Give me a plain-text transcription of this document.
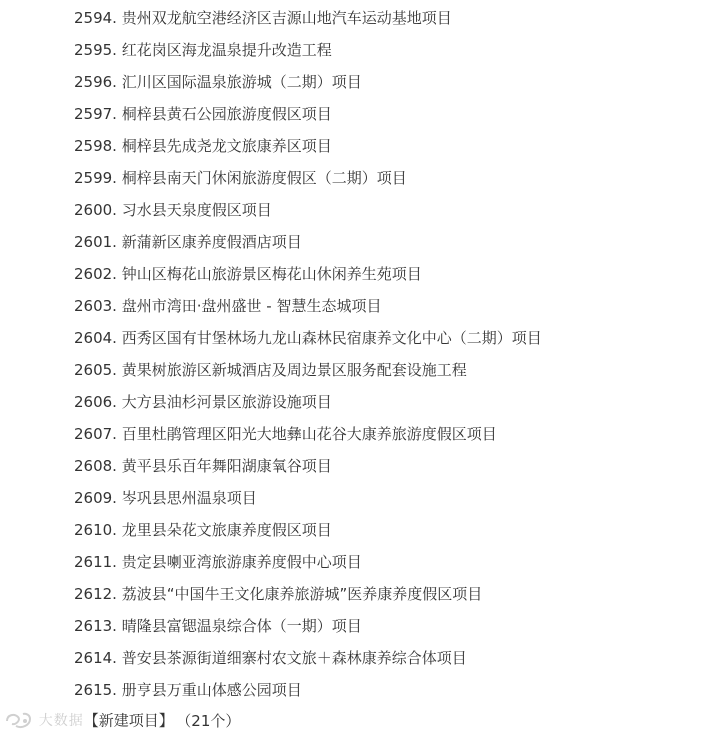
2594. 贵州双龙航空港经济区吉源山地汽车运动基地项目
2595. 红花岗区海龙温泉提升改造工程
2596. 汇川区国际温泉旅游城（二期）项目
2597. 桐梓县黄石公园旅游度假区项目
2598. 桐梓县先成尧龙文旅康养区项目
2599. 桐梓县南天门休闲旅游度假区（二期）项目
2600. 习水县天泉度假区项目
2601. 新蒲新区康养度假酒店项目
2602. 钟山区梅花山旅游景区梅花山休闲养生苑项目
2603. 盘州市湾田·盘州盛世 - 智慧生态城项目
2604. 西秀区国有甘堡林场九龙山森林民宿康养文化中心（二期）项目
2605. 黄果树旅游区新城酒店及周边景区服务配套设施工程
2606. 大方县油杉河景区旅游设施项目
2607. 百里杜鹃管理区阳光大地彝山花谷大康养旅游度假区项目
2608. 黄平县乐百年舞阳湖康氧谷项目
2609. 岑巩县思州温泉项目
2610. 龙里县朵花文旅康养度假区项目
2611. 贵定县喇亚湾旅游康养度假中心项目
2612. 荔波县“中国牛王文化康养旅游城”医养康养度假区项目
2613. 晴隆县富锶温泉综合体（一期）项目
2614. 普安县茶源街道细寨村农文旅＋森林康养综合体项目
2615. 册亨县万重山体感公园项目
大数据【新建项目】 （21个）
